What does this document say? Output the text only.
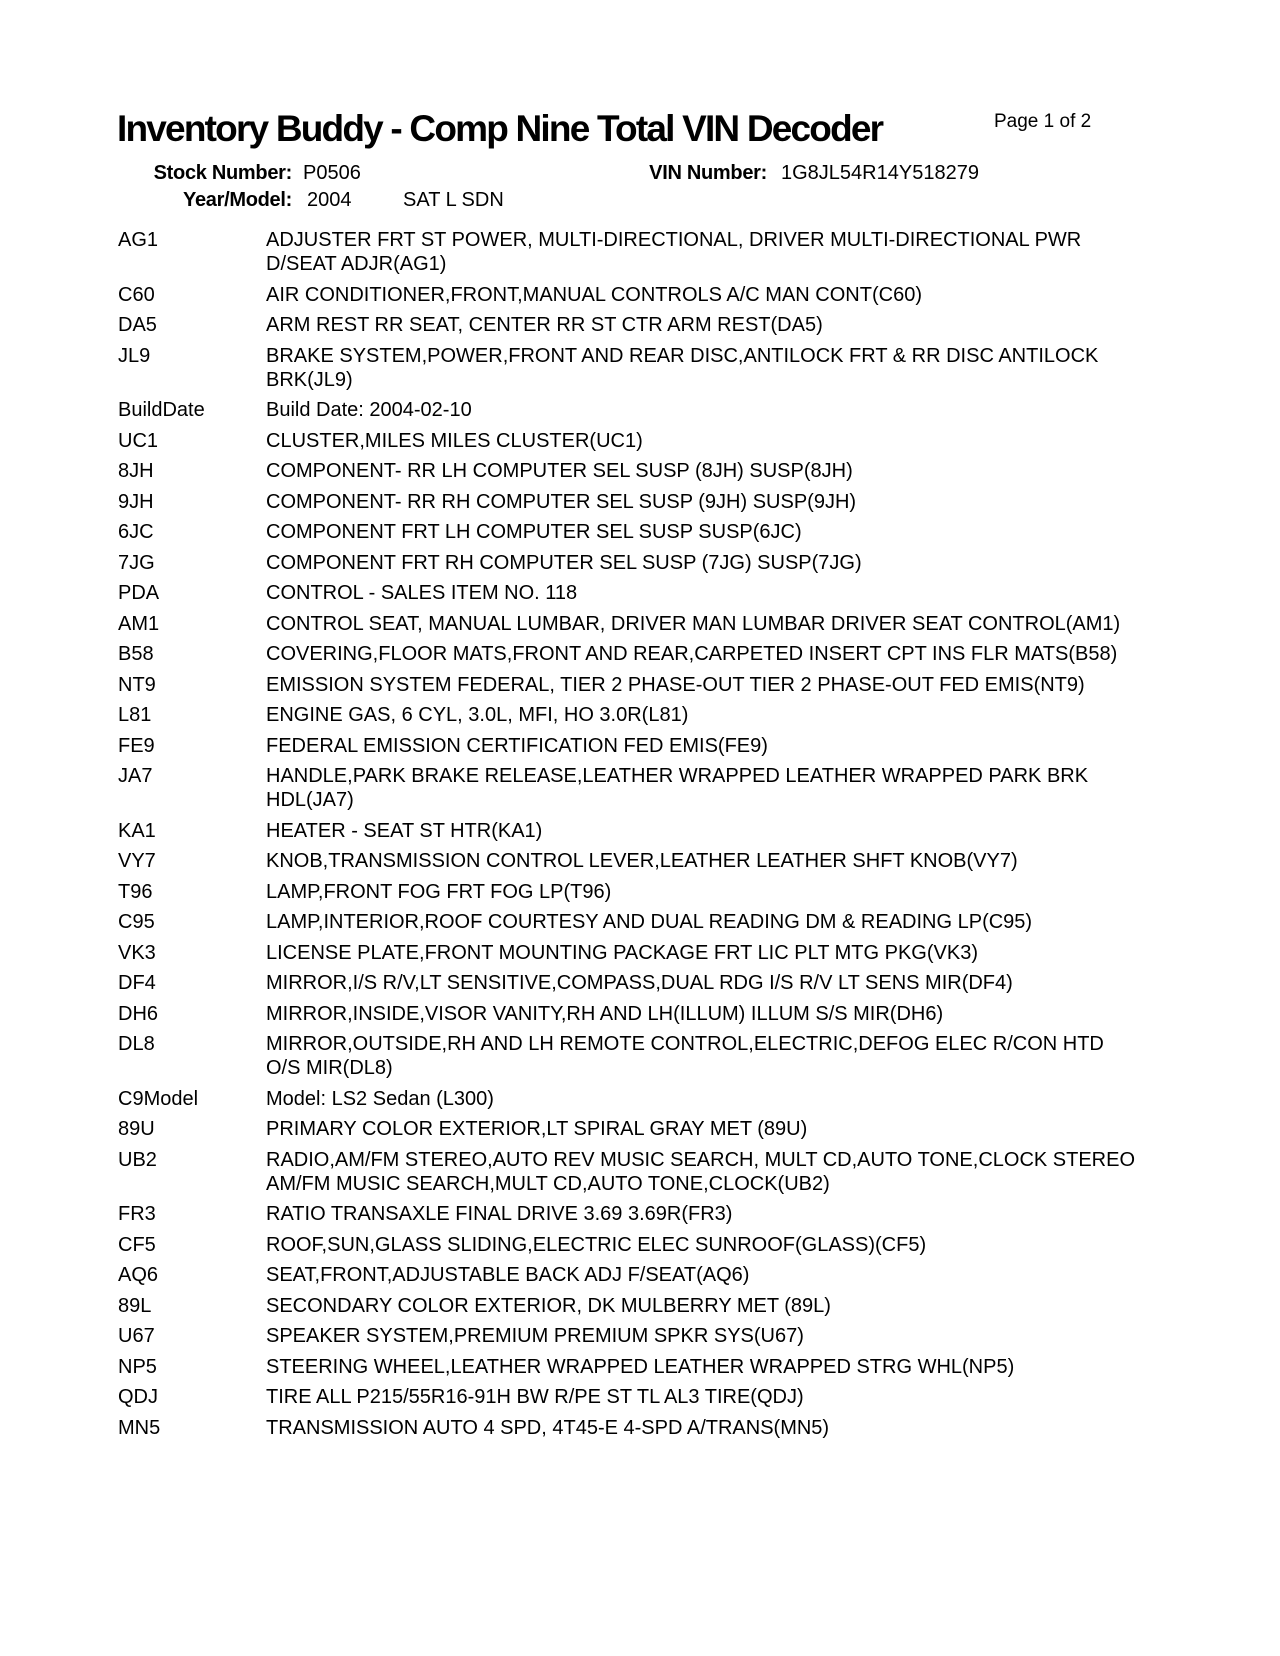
Inventory Buddy - Comp Nine Total VIN Decoder	Page 1 of 2
Stock Number: P0506	VIN Number: 1G8JL54R14Y518279
Year/Model: 2004	SAT L SDN
AG1	ADJUSTER FRT ST POWER, MULTI-DIRECTIONAL, DRIVER MULTI-DIRECTIONAL PWR D/SEAT ADJR(AG1)
C60	AIR CONDITIONER,FRONT,MANUAL CONTROLS A/C MAN CONT(C60)
DA5	ARM REST RR SEAT, CENTER RR ST CTR ARM REST(DA5)
JL9	BRAKE SYSTEM,POWER,FRONT AND REAR DISC,ANTILOCK FRT & RR DISC ANTILOCK BRK(JL9)
BuildDate	Build Date: 2004-02-10
UC1	CLUSTER,MILES MILES CLUSTER(UC1)
8JH	COMPONENT- RR LH COMPUTER SEL SUSP (8JH) SUSP(8JH)
9JH	COMPONENT- RR RH COMPUTER SEL SUSP (9JH) SUSP(9JH)
6JC	COMPONENT FRT LH COMPUTER SEL SUSP SUSP(6JC)
7JG	COMPONENT FRT RH COMPUTER SEL SUSP (7JG) SUSP(7JG)
PDA	CONTROL - SALES ITEM NO. 118
AM1	CONTROL SEAT, MANUAL LUMBAR, DRIVER MAN LUMBAR DRIVER SEAT CONTROL(AM1)
B58	COVERING,FLOOR MATS,FRONT AND REAR,CARPETED INSERT CPT INS FLR MATS(B58)
NT9	EMISSION SYSTEM FEDERAL, TIER 2 PHASE-OUT TIER 2 PHASE-OUT FED EMIS(NT9)
L81	ENGINE GAS, 6 CYL, 3.0L, MFI, HO 3.0R(L81)
FE9	FEDERAL EMISSION CERTIFICATION FED EMIS(FE9)
JA7	HANDLE,PARK BRAKE RELEASE,LEATHER WRAPPED LEATHER WRAPPED PARK BRK HDL(JA7)
KA1	HEATER - SEAT ST HTR(KA1)
VY7	KNOB,TRANSMISSION CONTROL LEVER,LEATHER LEATHER SHFT KNOB(VY7)
T96	LAMP,FRONT FOG FRT FOG LP(T96)
C95	LAMP,INTERIOR,ROOF COURTESY AND DUAL READING DM & READING LP(C95)
VK3	LICENSE PLATE,FRONT MOUNTING PACKAGE FRT LIC PLT MTG PKG(VK3)
DF4	MIRROR,I/S R/V,LT SENSITIVE,COMPASS,DUAL RDG I/S R/V LT SENS MIR(DF4)
DH6	MIRROR,INSIDE,VISOR VANITY,RH AND LH(ILLUM) ILLUM S/S MIR(DH6)
DL8	MIRROR,OUTSIDE,RH AND LH REMOTE CONTROL,ELECTRIC,DEFOG ELEC R/CON HTD O/S MIR(DL8)
C9Model	Model: LS2 Sedan (L300)
89U	PRIMARY COLOR EXTERIOR,LT SPIRAL GRAY MET (89U)
UB2	RADIO,AM/FM STEREO,AUTO REV MUSIC SEARCH, MULT CD,AUTO TONE,CLOCK STEREO AM/FM MUSIC SEARCH,MULT CD,AUTO TONE,CLOCK(UB2)
FR3	RATIO TRANSAXLE FINAL DRIVE 3.69 3.69R(FR3)
CF5	ROOF,SUN,GLASS SLIDING,ELECTRIC ELEC SUNROOF(GLASS)(CF5)
AQ6	SEAT,FRONT,ADJUSTABLE BACK ADJ F/SEAT(AQ6)
89L	SECONDARY COLOR EXTERIOR, DK MULBERRY MET (89L)
U67	SPEAKER SYSTEM,PREMIUM PREMIUM SPKR SYS(U67)
NP5	STEERING WHEEL,LEATHER WRAPPED LEATHER WRAPPED STRG WHL(NP5)
QDJ	TIRE ALL P215/55R16-91H BW R/PE ST TL AL3 TIRE(QDJ)
MN5	TRANSMISSION AUTO 4 SPD, 4T45-E 4-SPD A/TRANS(MN5)
